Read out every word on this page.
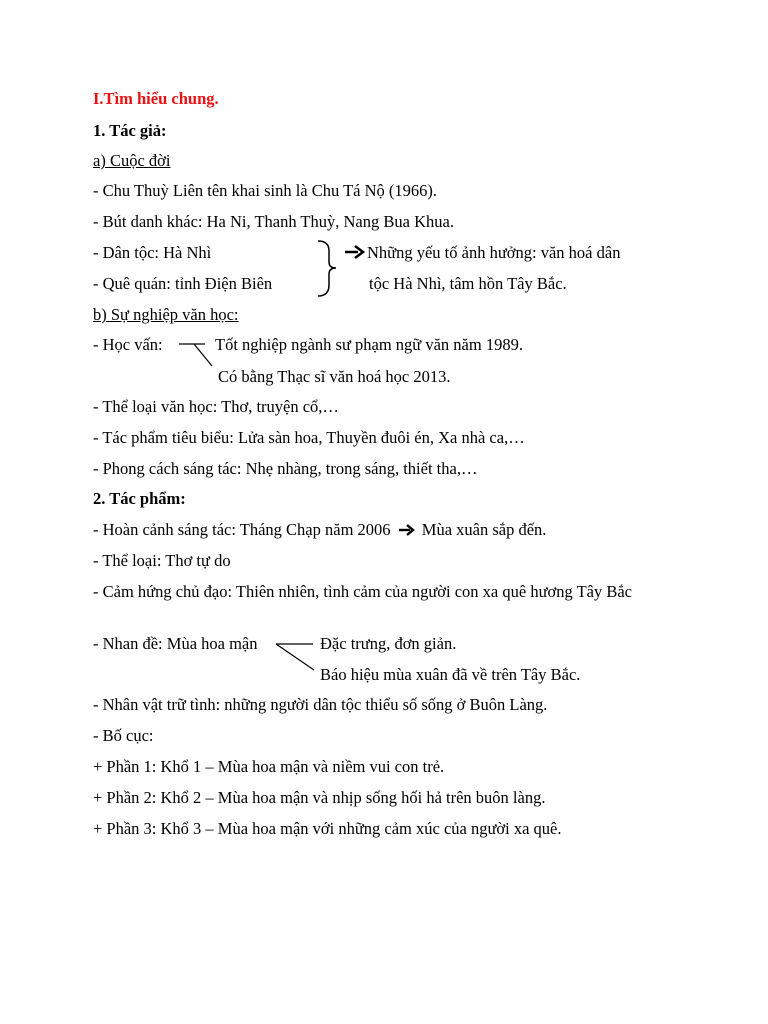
I.Tìm hiểu chung.
1. Tác giả:
a) Cuộc đời
- Chu Thuỳ Liên tên khai sinh là Chu Tá Nộ (1966).
- Bút danh khác: Ha Ni, Thanh Thuỳ, Nang Bua Khua.
- Dân tộc: Hà Nhì
- Quê quán: tỉnh Điện Biên
Những yếu tố ảnh hưởng: văn hoá dân
tộc Hà Nhì, tâm hồn Tây Bắc.
b) Sự nghiệp văn học:
- Học vấn:	Tốt nghiệp ngành sư phạm ngữ văn năm 1989.
Có bằng Thạc sĩ văn hoá học 2013.
- Thể loại văn học: Thơ, truyện cổ,…
- Tác phẩm tiêu biểu: Lửa sàn hoa, Thuyền đuôi én, Xa nhà ca,…
- Phong cách sáng tác: Nhẹ nhàng, trong sáng, thiết tha,…
2. Tác phẩm:
- Hoàn cảnh sáng tác: Tháng Chạp năm 2006 Mùa xuân sắp đến.
- Thể loại: Thơ tự do
- Cảm hứng chủ đạo: Thiên nhiên, tình cảm của người con xa quê hương Tây Bắc
- Nhan đề: Mùa hoa mận	Đặc trưng, đơn giản.
Báo hiệu mùa xuân đã về trên Tây Bắc.
- Nhân vật trữ tình: những người dân tộc thiểu số sống ở Buôn Làng.
- Bố cục:
+ Phần 1: Khổ 1 – Mùa hoa mận và niềm vui con trẻ.
+ Phần 2: Khổ 2 – Mùa hoa mận và nhịp sống hối hả trên buôn làng.
+ Phần 3: Khổ 3 – Mùa hoa mận với những cảm xúc của người xa quê.
